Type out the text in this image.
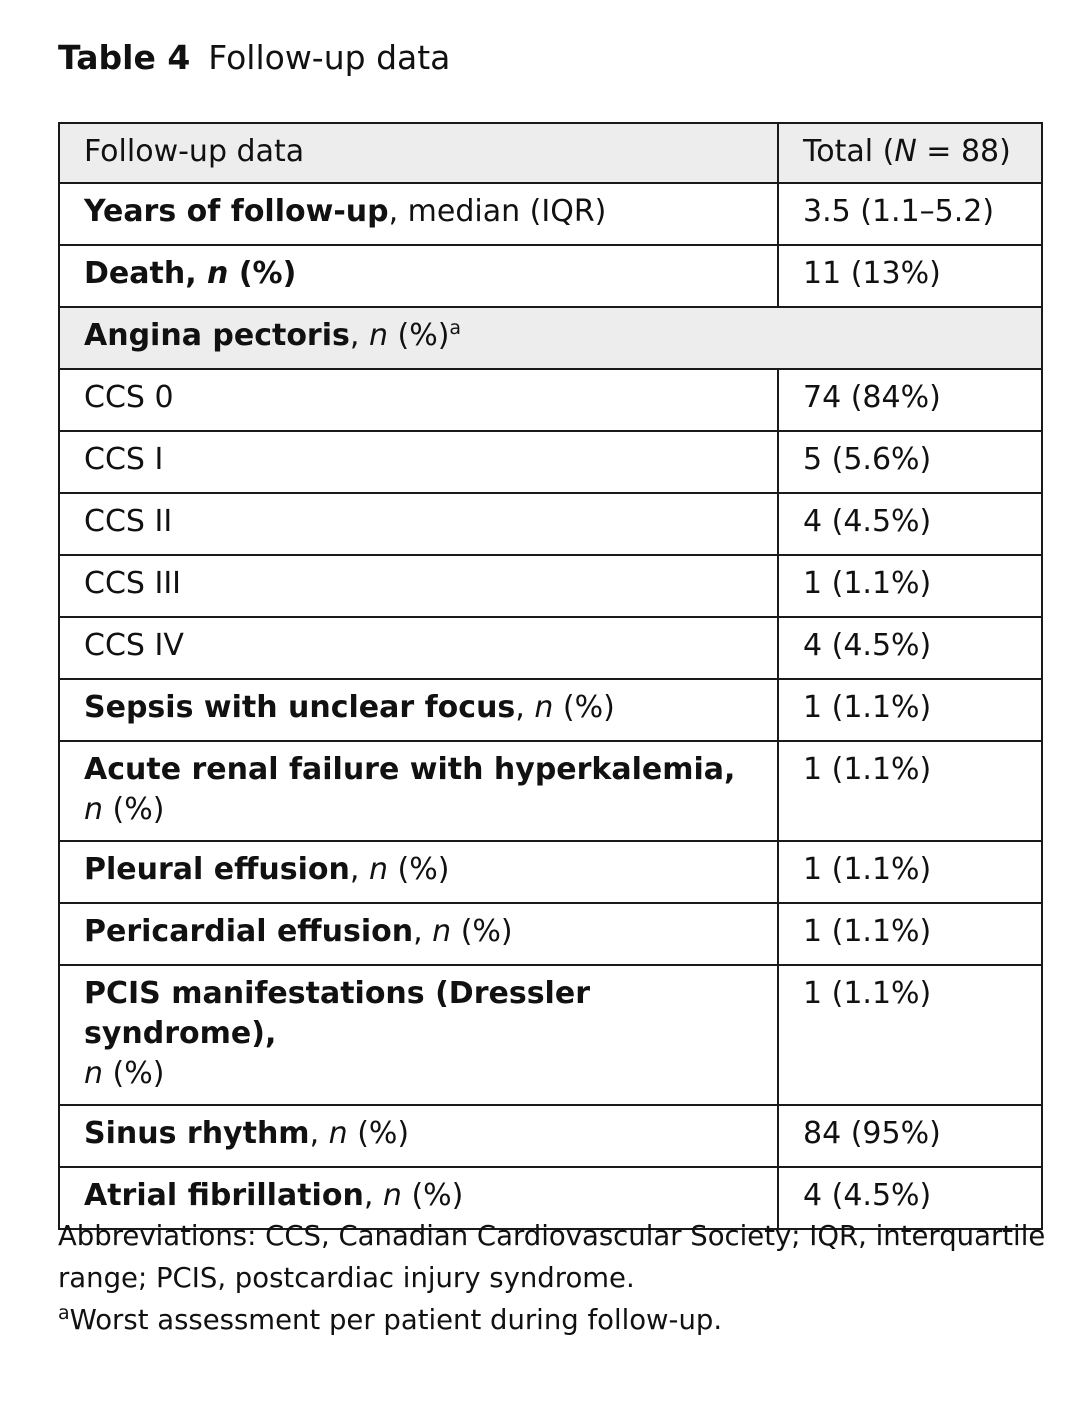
Table 4 Follow-up data
Follow-up data	Total (N = 88)
Years of follow-up, median (IQR)	3.5 (1.1–5.2)
Death, n (%)	11 (13%)
Angina pectoris, n (%)$^a$
CCS 0	74 (84%)
CCS I	5 (5.6%)
CCS II	4 (4.5%)
CCS III	1 (1.1%)
CCS IV	4 (4.5%)
Sepsis with unclear focus, n (%)	1 (1.1%)
Acute renal failure with hyperkalemia,
n (%)	1 (1.1%)
Pleural effusion, n (%)	1 (1.1%)
Pericardial effusion, n (%)	1 (1.1%)
PCIS manifestations (Dressler syndrome),
n (%)	1 (1.1%)
Sinus rhythm, n (%)	84 (95%)
Atrial fibrillation, n (%)	4 (4.5%)

Abbreviations: CCS, Canadian Cardiovascular Society; IQR, interquartile range; PCIS, postcardiac injury syndrome.

$^a$Worst assessment per patient during follow-up.
